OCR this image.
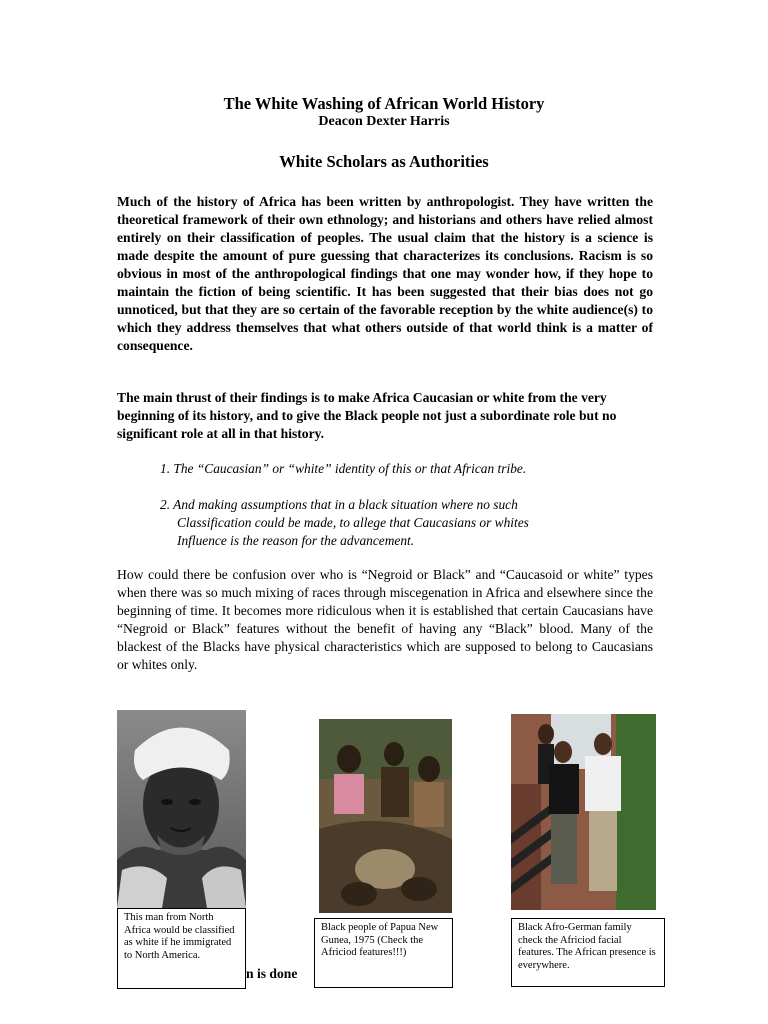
The White Washing of African World History
Deacon Dexter Harris
White Scholars as Authorities
Much of the history of Africa has been written by anthropologist. They have written the theoretical framework of their own ethnology; and historians and others have relied almost entirely on their classification of peoples. The usual claim that the history is a science is made despite the amount of pure guessing that characterizes its conclusions. Racism is so obvious in most of the anthropological findings that one may wonder how, if they hope to maintain the fiction of being scientific. It has been suggested that their bias does not go unnoticed, but that they are so certain of the favorable reception by the white audience(s) to which they address themselves that what others outside of that world think is a matter of consequence.
The main thrust of their findings is to make Africa Caucasian or white from the very beginning of its history, and to give the Black people not just a subordinate role but no significant role at all in that history.
1. The “Caucasian” or “white” identity of this or that African tribe.
2. And making assumptions that in a black situation where no such
Classification could be made, to allege that Caucasians or whites
Influence is the reason for the advancement.
How could there be confusion over who is “Negroid or Black” and “Caucasoid or white” types when there was so much mixing of races through miscegenation in Africa and elsewhere since the beginning of time. It becomes more ridiculous when it is established that certain Caucasians have “Negroid or Black” features without the benefit of having any “Black” blood. Many of the blackest of the Blacks have physical characteristics which are supposed to belong to Caucasians or whites only.
This man from North Africa would be classified as white if he immigrated to North America.
n is done
Black people of Papua New Gunea, 1975 (Check the Africiod features!!!)
Black Afro-German family check the Africiod facial features. The African presence is everywhere.
